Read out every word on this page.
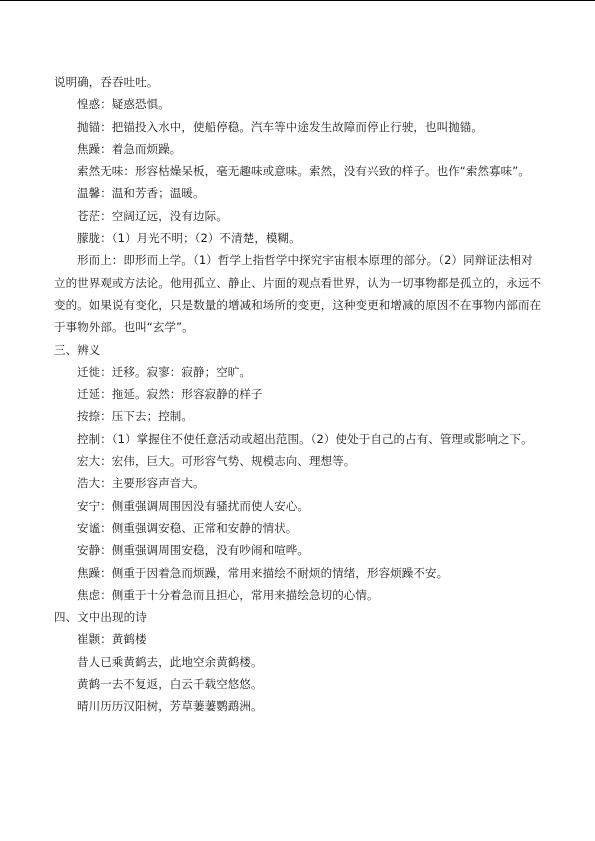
说明确，吞吞吐吐。

惶惑：疑惑恐惧。

抛锚：把锚投入水中，使船停稳。汽车等中途发生故障而停止行驶，也叫抛锚。

焦躁：着急而烦躁。

索然无味：形容枯燥呆板，毫无趣味或意味。索然，没有兴致的样子。也作“索然寡味”。

温馨：温和芳香；温暖。

苍茫：空阔辽远，没有边际。

朦胧：（1）月光不明；（2）不清楚，模糊。

形而上：即形而上学。（1）哲学上指哲学中探究宇宙根本原理的部分。（2）同辩证法相对立的世界观或方法论。他用孤立、静止、片面的观点看世界，认为一切事物都是孤立的，永远不变的。如果说有变化，只是数量的增减和场所的变更，这种变更和增减的原因不在事物内部而在于事物外部。也叫“玄学”。

三、辨义

迁徙：迁移。寂寥：寂静；空旷。

迁延：拖延。寂然：形容寂静的样子

按捺：压下去；控制。

控制：（1）掌握住不使任意活动或超出范围。（2）使处于自己的占有、管理或影响之下。

宏大：宏伟，巨大。可形容气势、规模志向、理想等。

浩大：主要形容声音大。

安宁：侧重强调周围因没有骚扰而使人安心。

安谧：侧重强调安稳、正常和安静的情状。

安静：侧重强调周围安稳，没有吵闹和喧哗。

焦躁：侧重于因着急而烦躁，常用来描绘不耐烦的情绪，形容烦躁不安。

焦虑：侧重于十分着急而且担心，常用来描绘急切的心情。

四、文中出现的诗

崔颢：黄鹤楼

昔人已乘黄鹤去，此地空余黄鹤楼。

黄鹤一去不复返，白云千载空悠悠。

晴川历历汉阳树，芳草萋萋鹦鹉洲。
